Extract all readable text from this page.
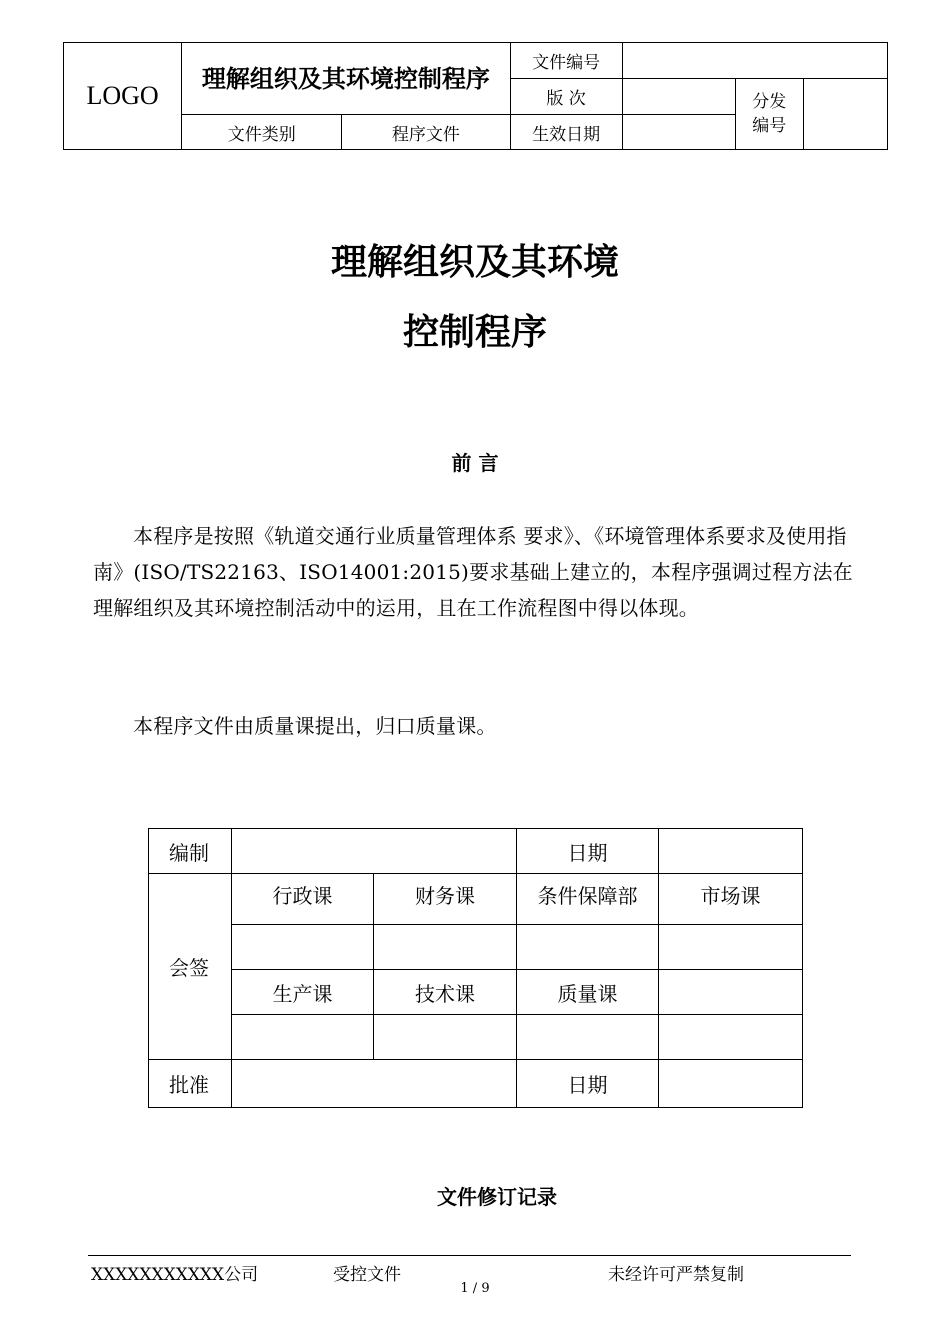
LOGO	理解组织及其环境控制程序		文件编号			
			版 次		分发编号	
	文件类别	程序文件	生效日期			
理解组织及其环境
控制程序
前 言

本程序是按照《轨道交通行业质量管理体系 要求》、《环境管理体系要求及使用指南》(ISO/TS22163、ISO14001:2015)要求基础上建立的，本程序强调过程方法在理解组织及其环境控制活动中的运用，且在工作流程图中得以体现。

本程序文件由质量课提出，归口质量课。

编制			日期	
会签	行政课	财务课	条件保障部	市场课

	生产课	技术课	质量课	

批准			日期	
文件修订记录
XXXXXXXXXXX公司	受控文件	未经许可严禁复制
1 / 9
